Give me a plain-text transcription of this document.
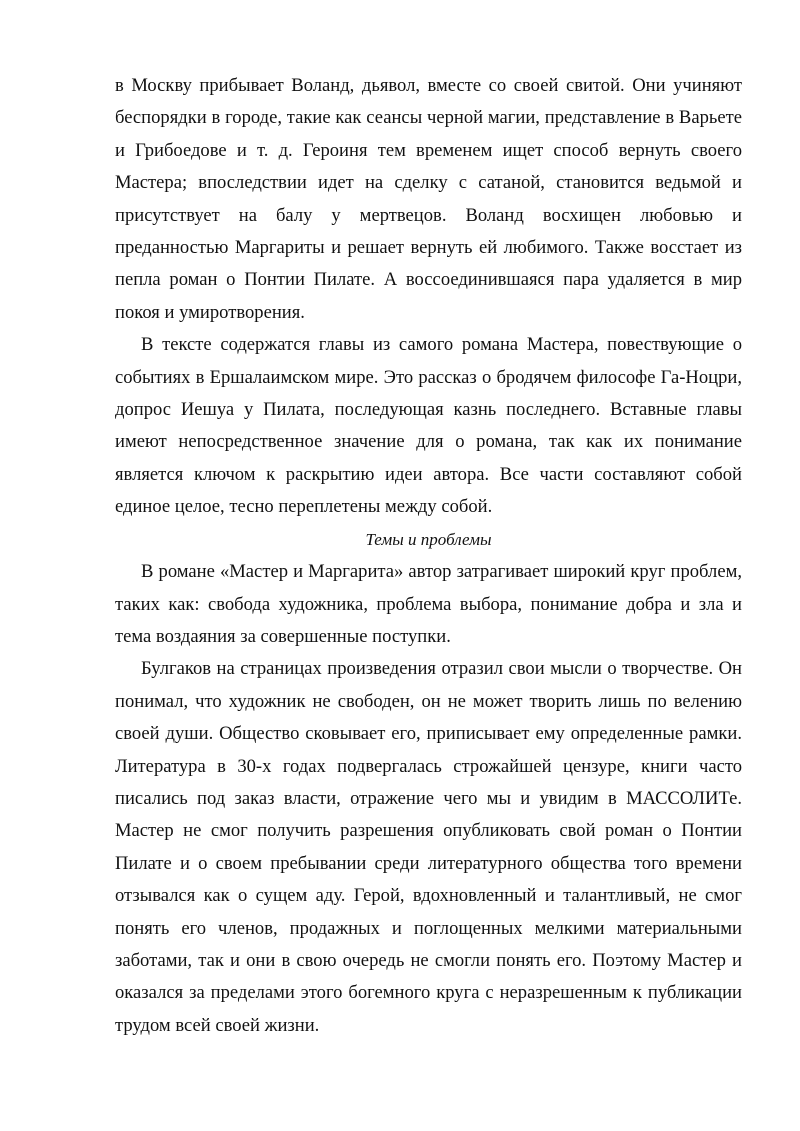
в Москву прибывает Воланд, дьявол, вместе со своей свитой. Они учиняют беспорядки в городе, такие как сеансы черной магии, представление в Варьете и Грибоедове и т. д. Героиня тем временем ищет способ вернуть своего Мастера; впоследствии идет на сделку с сатаной, становится ведьмой и присутствует на балу у мертвецов. Воланд восхищен любовью и преданностью Маргариты и решает вернуть ей любимого. Также восстает из пепла роман о Понтии Пилате. А воссоединившаяся пара удаляется в мир покоя и умиротворения.

В тексте содержатся главы из самого романа Мастера, повествующие о событиях в Ершалаимском мире. Это рассказ о бродячем философе Га-Ноцри, допрос Иешуа у Пилата, последующая казнь последнего. Вставные главы имеют непосредственное значение для о романа, так как их понимание является ключом к раскрытию идеи автора. Все части составляют собой единое целое, тесно переплетены между собой.

Темы и проблемы

В романе «Мастер и Маргарита» автор затрагивает широкий круг проблем, таких как: свобода художника, проблема выбора, понимание добра и зла и тема воздаяния за совершенные поступки.

Булгаков на страницах произведения отразил свои мысли о творчестве. Он понимал, что художник не свободен, он не может творить лишь по велению своей души. Общество сковывает его, приписывает ему определенные рамки. Литература в 30-х годах подвергалась строжайшей цензуре, книги часто писались под заказ власти, отражение чего мы и увидим в МАССОЛИТе. Мастер не смог получить разрешения опубликовать свой роман о Понтии Пилате и о своем пребывании среди литературного общества того времени отзывался как о сущем аду. Герой, вдохновленный и талантливый, не смог понять его членов, продажных и поглощенных мелкими материальными заботами, так и они в свою очередь не смогли понять его. Поэтому Мастер и оказался за пределами этого богемного круга с неразрешенным к публикации трудом всей своей жизни.
